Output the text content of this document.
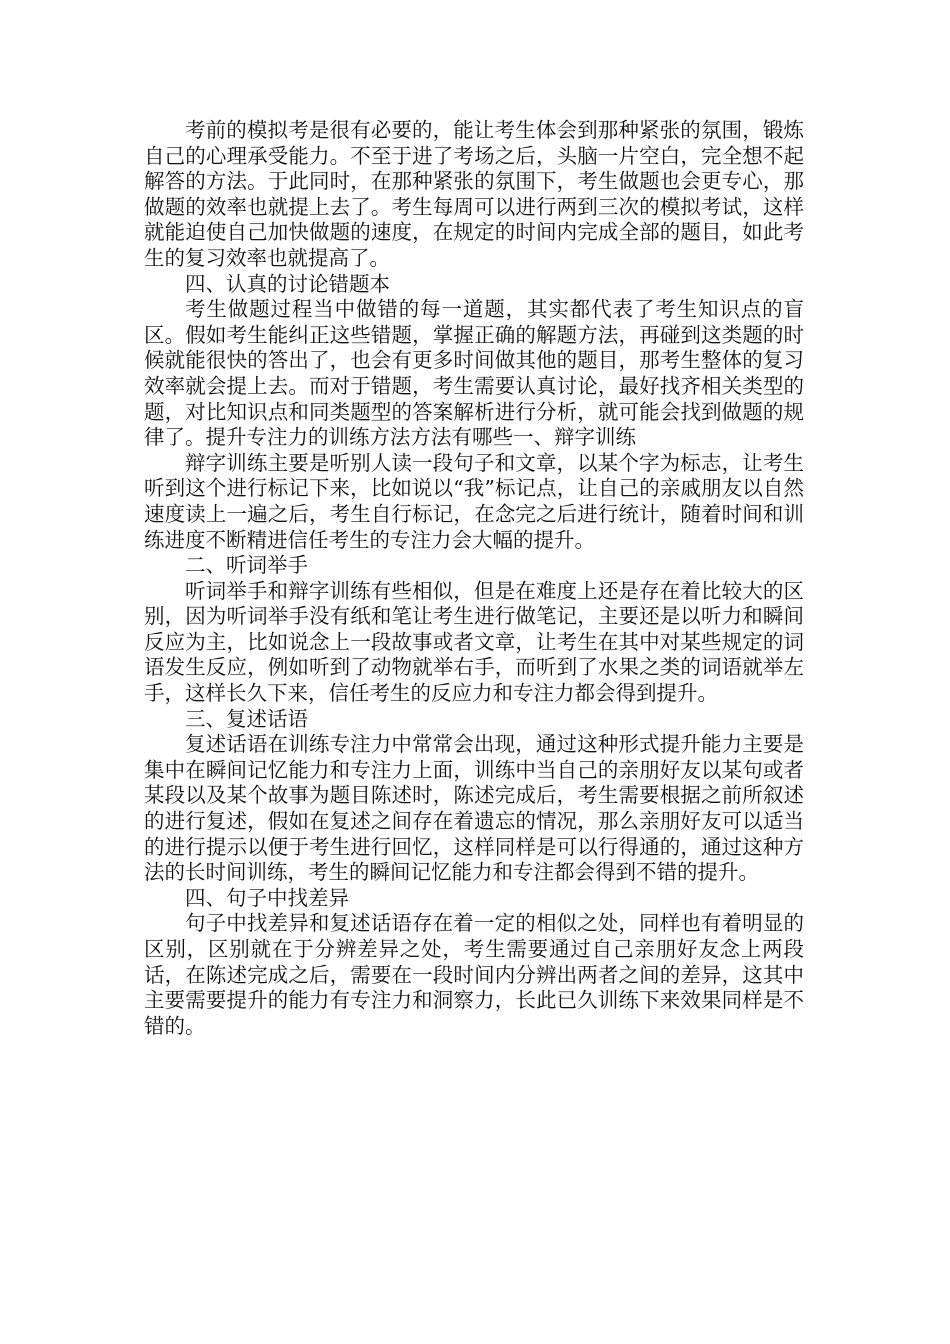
考前的模拟考是很有必要的，能让考生体会到那种紧张的氛围，锻炼自己的心理承受能力。不至于进了考场之后，头脑一片空白，完全想不起解答的方法。于此同时，在那种紧张的氛围下，考生做题也会更专心，那做题的效率也就提上去了。考生每周可以进行两到三次的模拟考试，这样就能迫使自己加快做题的速度，在规定的时间内完成全部的题目，如此考生的复习效率也就提高了。

四、认真的讨论错题本

考生做题过程当中做错的每一道题，其实都代表了考生知识点的盲区。假如考生能纠正这些错题，掌握正确的解题方法，再碰到这类题的时候就能很快的答出了，也会有更多时间做其他的题目，那考生整体的复习效率就会提上去。而对于错题，考生需要认真讨论，最好找齐相关类型的题，对比知识点和同类题型的答案解析进行分析，就可能会找到做题的规律了。提升专注力的训练方法方法有哪些一、辩字训练

辩字训练主要是听别人读一段句子和文章，以某个字为标志，让考生听到这个进行标记下来，比如说以“我”标记点，让自己的亲戚朋友以自然速度读上一遍之后，考生自行标记，在念完之后进行统计，随着时间和训练进度不断精进信任考生的专注力会大幅的提升。

二、听词举手

听词举手和辩字训练有些相似，但是在难度上还是存在着比较大的区别，因为听词举手没有纸和笔让考生进行做笔记，主要还是以听力和瞬间反应为主，比如说念上一段故事或者文章，让考生在其中对某些规定的词语发生反应，例如听到了动物就举右手，而听到了水果之类的词语就举左手，这样长久下来，信任考生的反应力和专注力都会得到提升。

三、复述话语

复述话语在训练专注力中常常会出现，通过这种形式提升能力主要是集中在瞬间记忆能力和专注力上面，训练中当自己的亲朋好友以某句或者某段以及某个故事为题目陈述时，陈述完成后，考生需要根据之前所叙述的进行复述，假如在复述之间存在着遗忘的情况，那么亲朋好友可以适当的进行提示以便于考生进行回忆，这样同样是可以行得通的，通过这种方法的长时间训练，考生的瞬间记忆能力和专注都会得到不错的提升。

四、句子中找差异

句子中找差异和复述话语存在着一定的相似之处，同样也有着明显的区别，区别就在于分辨差异之处，考生需要通过自己亲朋好友念上两段话，在陈述完成之后，需要在一段时间内分辨出两者之间的差异，这其中主要需要提升的能力有专注力和洞察力，长此已久训练下来效果同样是不错的。
